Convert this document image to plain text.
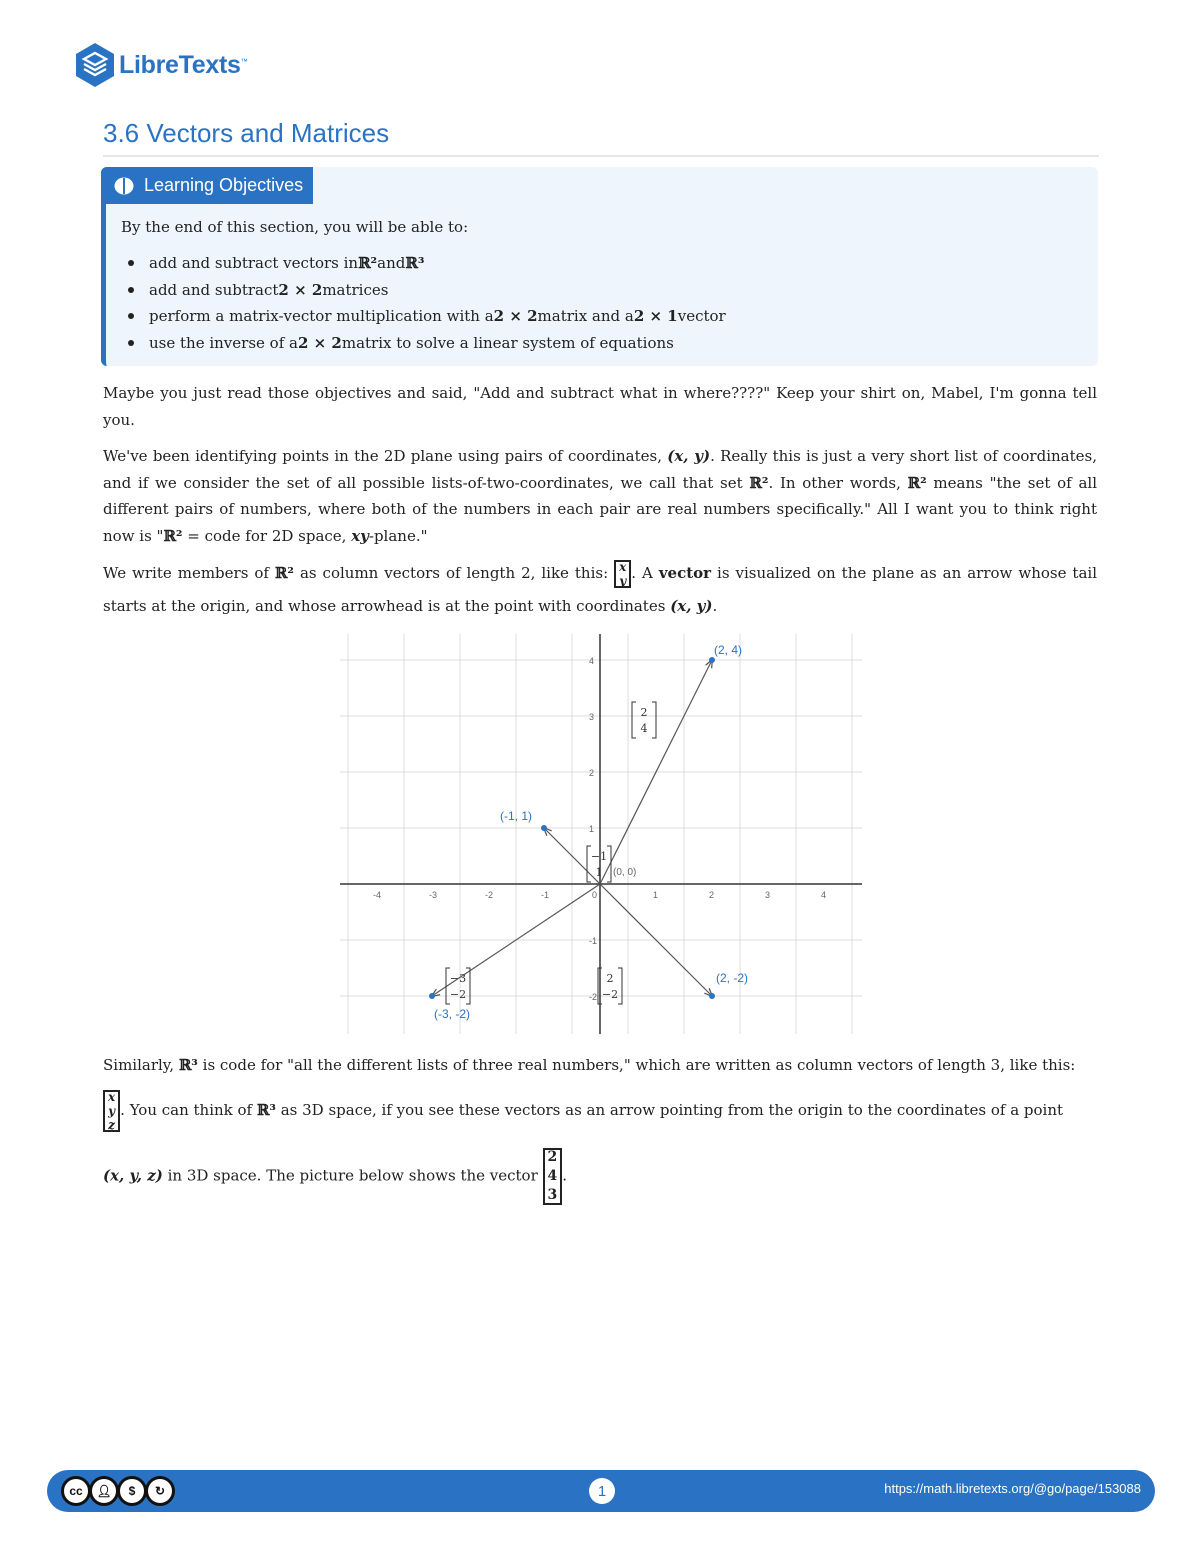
LibreTexts™
3.6 Vectors and Matrices
Learning Objectives
By the end of this section, you will be able to:
add and subtract vectors in ℝ² and ℝ³
add and subtract 2 × 2 matrices
perform a matrix-vector multiplication with a 2 × 2 matrix and a 2 × 1 vector
use the inverse of a 2 × 2 matrix to solve a linear system of equations

Maybe you just read those objectives and said, "Add and subtract what in where????" Keep your shirt on, Mabel, I'm gonna tell you.

We've been identifying points in the 2D plane using pairs of coordinates, (x, y). Really this is just a very short list of coordinates, and if we consider the set of all possible lists-of-two-coordinates, we call that set ℝ². In other words, ℝ² means "the set of all different pairs of numbers, where both of the numbers in each pair are real numbers specifically." All I want you to think right now is "ℝ² = code for 2D space, xy-plane."

We write members of ℝ² as column vectors of length 2, like this: x
y . A vector is visualized on the plane as an arrow whose tail starts at the origin, and whose arrowhead is at the point with coordinates (x, y).

-4	-3	-2	-1	0	1	2	3	4
-2
-1
1
2
3
4
(0, 0)
(2, 4)
2
4
(-1, 1)
−1
1
(-3, -2)
−3
−2
(2, -2)
2
−2

Similarly, ℝ³ is code for "all the different lists of three real numbers," which are written as column vectors of length 3, like this:

x
y
z
. You can think of ℝ³ as 3D space, if you see these vectors as an arrow pointing from the origin to the coordinates of a point

(x, y, z) in 3D space. The picture below shows the vector
2
4
3
.

cc	👤︎	$	↻	1	https://math.libretexts.org/@go/page/153088
